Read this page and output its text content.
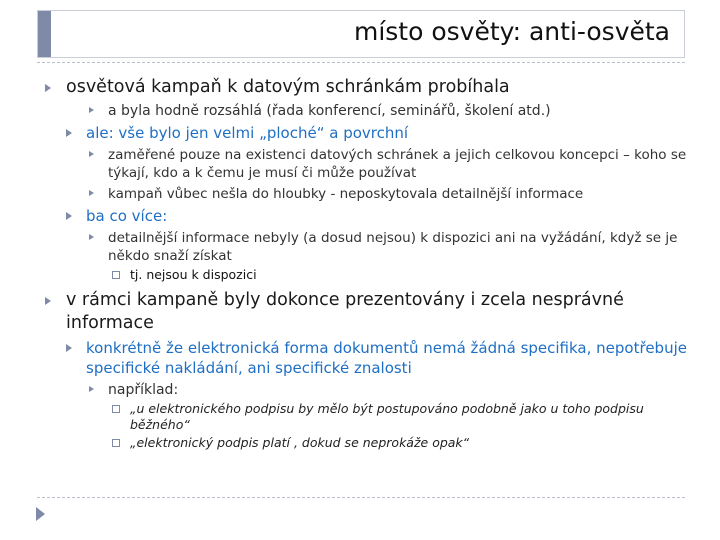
místo osvěty: anti-osvěta
osvětová kampaň k datovým schránkám probíhala
a byla hodně rozsáhlá (řada konferencí, seminářů, školení atd.)
ale: vše bylo jen velmi „ploché“ a povrchní
zaměřené pouze na existenci datových schránek a jejich celkovou koncepci – koho se týkají, kdo a k čemu je musí či může používat
kampaň vůbec nešla do hloubky - neposkytovala detailnější informace
ba co více:
detailnější informace nebyly (a dosud nejsou) k dispozici ani na vyžádání, když se je někdo snaží získat
tj. nejsou k dispozici
v rámci kampaně byly dokonce prezentovány i zcela nesprávné informace
konkrétně že elektronická forma dokumentů nemá žádná specifika, nepotřebuje specifické nakládání, ani specifické znalosti
například:
„u elektronického podpisu by mělo být postupováno podobně jako u toho podpisu běžného“
„elektronický podpis platí , dokud se neprokáže opak“
